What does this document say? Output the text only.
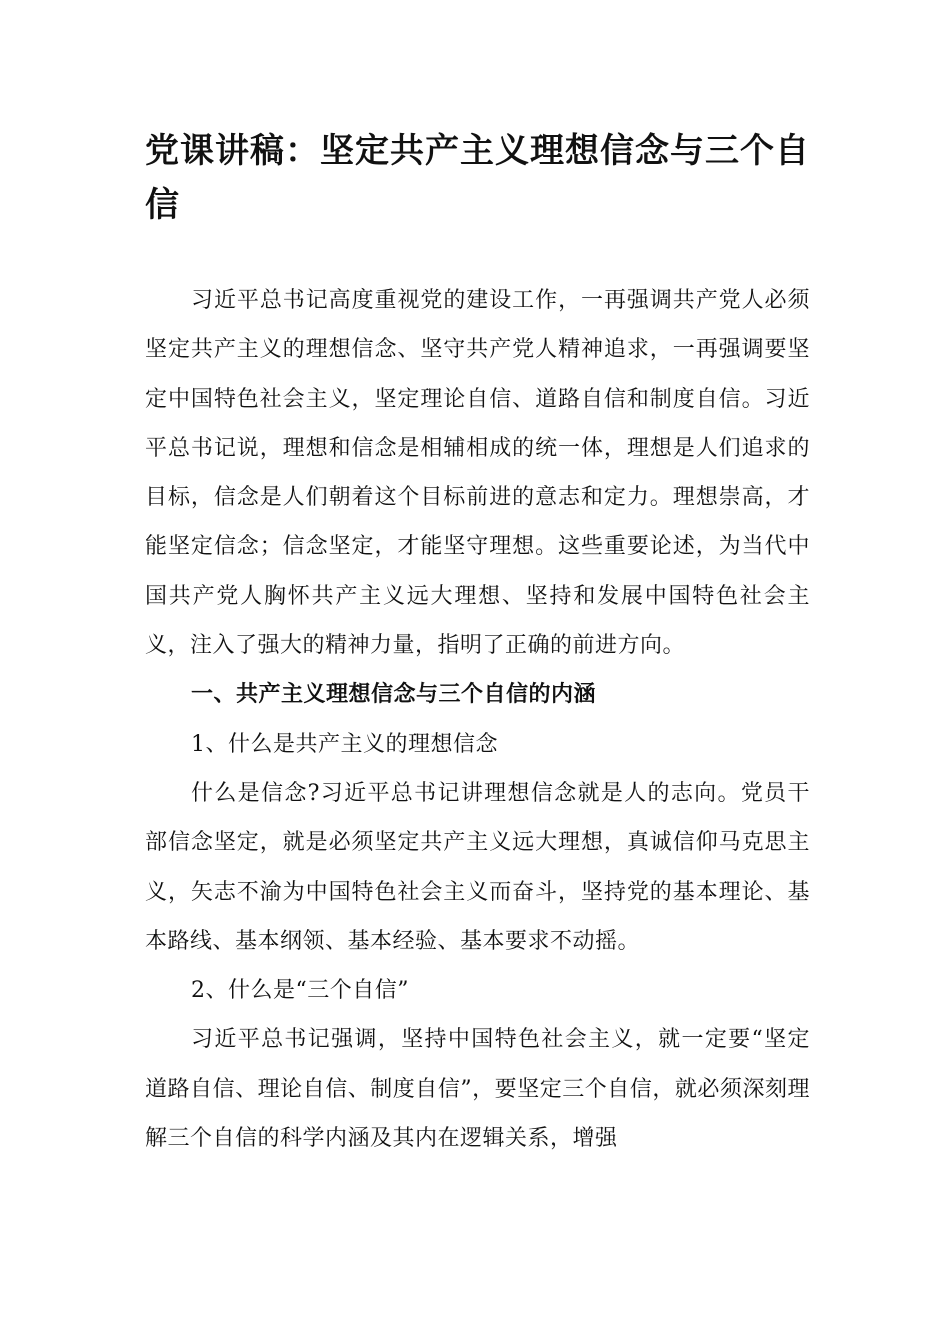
党课讲稿：坚定共产主义理想信念与三个自信

习近平总书记高度重视党的建设工作，一再强调共产党人必须坚定共产主义的理想信念、坚守共产党人精神追求，一再强调要坚定中国特色社会主义，坚定理论自信、道路自信和制度自信。习近平总书记说，理想和信念是相辅相成的统一体，理想是人们追求的目标，信念是人们朝着这个目标前进的意志和定力。理想崇高，才能坚定信念；信念坚定，才能坚守理想。这些重要论述，为当代中国共产党人胸怀共产主义远大理想、坚持和发展中国特色社会主义，注入了强大的精神力量，指明了正确的前进方向。

一、共产主义理想信念与三个自信的内涵

1、什么是共产主义的理想信念

什么是信念?习近平总书记讲理想信念就是人的志向。党员干部信念坚定，就是必须坚定共产主义远大理想，真诚信仰马克思主义，矢志不渝为中国特色社会主义而奋斗，坚持党的基本理论、基本路线、基本纲领、基本经验、基本要求不动摇。

2、什么是“三个自信”

习近平总书记强调，坚持中国特色社会主义，就一定要“坚定道路自信、理论自信、制度自信”，要坚定三个自信，就必须深刻理解三个自信的科学内涵及其内在逻辑关系，增强
